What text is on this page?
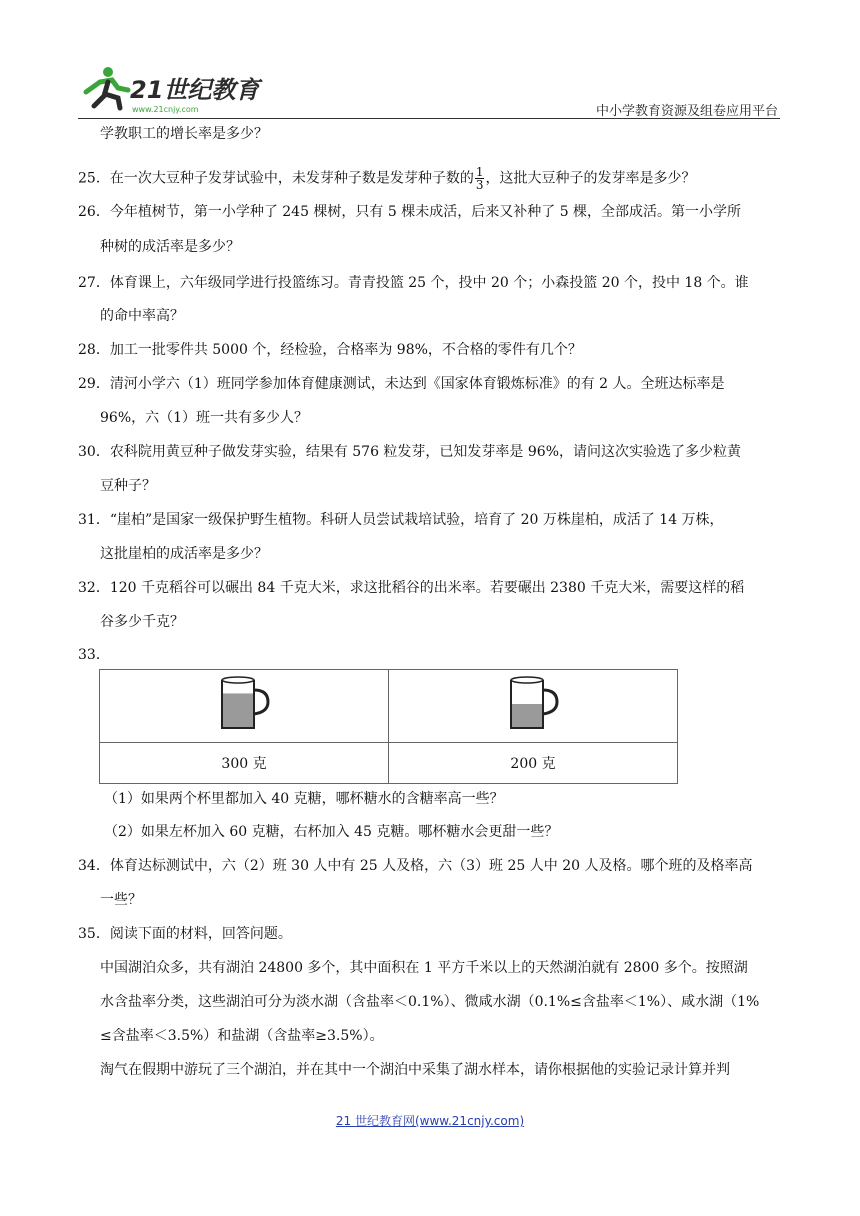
21世纪教育
www.21cnjy.com	中小学教育资源及组卷应用平台
学教职工的增长率是多少？
25．在一次大豆种子发芽试验中，未发芽种子数是发芽种子数的 $\frac{1}{3}$ ，这批大豆种子的发芽率是多少？
26．今年植树节，第一小学种了 245 棵树，只有 5 棵未成活，后来又补种了 5 棵，全部成活。第一小学所
种树的成活率是多少？
27．体育课上，六年级同学进行投篮练习。青青投篮 25 个，投中 20 个；小森投篮 20 个，投中 18 个。谁
的命中率高？
28．加工一批零件共 5000 个，经检验，合格率为 98%，不合格的零件有几个？
29．清河小学六（1）班同学参加体育健康测试，未达到《国家体育锻炼标准》的有 2 人。全班达标率是
96%，六（1）班一共有多少人？
30．农科院用黄豆种子做发芽实验，结果有 576 粒发芽，已知发芽率是 96%，请问这次实验选了多少粒黄
豆种子？
31．“崖柏”是国家一级保护野生植物。科研人员尝试栽培试验，培育了 20 万株崖柏，成活了 14 万株，
这批崖柏的成活率是多少？
32．120 千克稻谷可以碾出 84 千克大米，求这批稻谷的出米率。若要碾出 2380 千克大米，需要这样的稻
谷多少千克？
33．

300 克	200 克
（1）如果两个杯里都加入 40 克糖，哪杯糖水的含糖率高一些？
（2）如果左杯加入 60 克糖，右杯加入 45 克糖。哪杯糖水会更甜一些？
34．体育达标测试中，六（2）班 30 人中有 25 人及格，六（3）班 25 人中 20 人及格。哪个班的及格率高
一些？
35．阅读下面的材料，回答问题。
中国湖泊众多，共有湖泊 24800 多个，其中面积在 1 平方千米以上的天然湖泊就有 2800 多个。按照湖
水含盐率分类，这些湖泊可分为淡水湖（含盐率＜0.1%）、微咸水湖（0.1%≤含盐率＜1%）、咸水湖（1%
≤含盐率＜3.5%）和盐湖（含盐率≥3.5%）。
淘气在假期中游玩了三个湖泊，并在其中一个湖泊中采集了湖水样本，请你根据他的实验记录计算并判
21 世纪教育网(www.21cnjy.com)
